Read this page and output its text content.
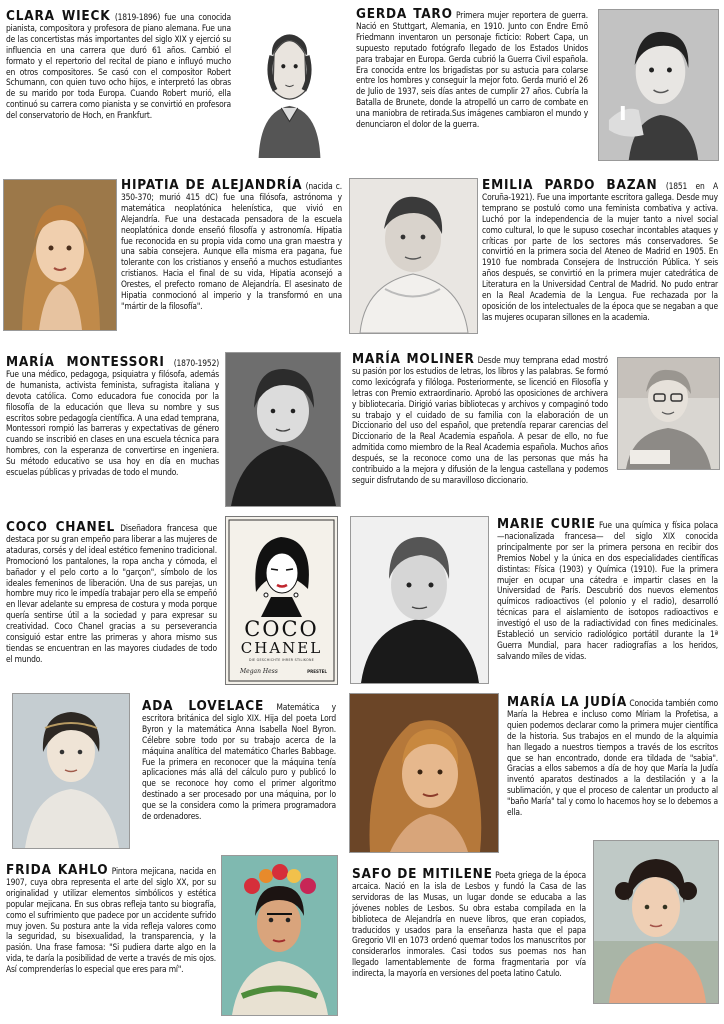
CLARA WIECK (1819-1896) fue una conocida pianista, compositora y profesora de piano alemana. Fue una de las concertistas más importantes del siglo XIX y ejerció su influencia en una carrera que duró 61 años. Cambió el formato y el repertorio del recital de piano e influyó mucho en otros compositores. Se casó con el compositor Robert Schumann, con quien tuvo ocho hijos, e interpretó las obras de su marido por toda Europa. Cuando Robert murió, ella continuó su carrera como pianista y se convirtió en profesora del conservatorio de Hoch, en Frankfurt.
GERDA TARO Primera mujer reportera de guerra. Nació en Stuttgart, Alemania, en 1910. Junto con Endre Ernö Friedmann inventaron un personaje ficticio: Robert Capa, un supuesto reputado fotógrafo llegado de los Estados Unidos para trabajar en Europa. Gerda cubrió la Guerra Civil española. Era conocida entre los brigadistas por su astucia para colarse entre los hombres y conseguir la mejor foto. Gerda murió el 26 de Julio de 1937, seis días antes de cumplir 27 años. Cubría la Batalla de Brunete, donde la atropelló un carro de combate en una maniobra de retirada.Sus imágenes cambiaron el mundo y denunciaron el dolor de la guerra.
HIPATIA DE ALEJANDRÍA (nacida c. 350-370; murió 415 dC) fue una filósofa, astrónoma y matemática neoplatónica helenística, que vivió en Alejandría. Fue una destacada pensadora de la escuela neoplatónica donde enseñó filosofía y astronomía. Hipatia fue reconocida en su propia vida como una gran maestra y una sabia consejera. Aunque ella misma era pagana, fue tolerante con los cristianos y enseñó a muchos estudiantes cristianos. Hacia el final de su vida, Hipatia aconsejó a Orestes, el prefecto romano de Alejandría. El asesinato de Hipatia conmocionó al imperio y la transformó en una "mártir de la filosofía".
EMILIA PARDO BAZAN (1851 en A Coruña-1921). Fue una importante escritora gallega. Desde muy temprano se postuló como una feminista combativa y activa. Luchó por la independencia de la mujer tanto a nivel social como cultural, lo que le supuso cosechar incontables ataques y críticas por parte de los sectores más conservadores. Se convirtió en la primera socia del Ateneo de Madrid en 1905. En 1910 fue nombrada Consejera de Instrucción Pública. Y seis años después, se convirtió en la primera mujer catedrática de Literatura en la Universidad Central de Madrid. No pudo entrar en la Real Academia de la Lengua. Fue rechazada por la oposición de los intelectuales de la época que se negaban a que las mujeres ocuparan sillones en la academia.
MARÍA MONTESSORI (1870-1952) Fue una médico, pedagoga, psiquiatra y filósofa, además de humanista, activista feminista, sufragista italiana y devota católica. Como educadora fue conocida por la filosofía de la educación que lleva su nombre y sus escritos sobre pedagogía científica. A una edad temprana, Montessori rompió las barreras y expectativas de género cuando se inscribió en clases en una escuela técnica para hombres, con la esperanza de convertirse en ingeniera. Su método educativo se usa hoy en día en muchas escuelas públicas y privadas de todo el mundo.
MARÍA MOLINER Desde muy temprana edad mostró su pasión por los estudios de letras, los libros y las palabras. Se formó como lexicógrafa y filóloga. Posteriormente, se licenció en Filosofía y letras con Premio extraordinario. Aprobó las oposiciones de archivera y bibliotecaria. Dirigió varias bibliotecas y archivos y compaginó todo su trabajo y el cuidado de su familia con la elaboración de un Diccionario del uso del español, que pretendía reparar carencias del Diccionario de la Real Academia española. A pesar de ello, no fue admitida como miembro de la Real Academia española. Muchos años después, se la reconoce como una de las personas que más ha contribuido a la mejora y difusión de la lengua castellana y podemos seguir disfrutando de su maravilloso diccionario.
COCO CHANEL Diseñadora francesa que destaca por su gran empeño para liberar a las mujeres de ataduras, corsés y del ideal estético femenino tradicional. Promocionó los pantalones, la ropa ancha y cómoda, el bañador y el pelo corto a lo "garçon", símbolo de los ideales femeninos de liberación. Una de sus parejas, un hombre muy rico le impedía trabajar pero ella se empeñó en llevar adelante su empresa de costura y moda porque quería sentirse útil a la sociedad y para expresar su creatividad. Coco Chanel gracias a su perseverancia consiguió estar entre las primeras y ahora mismo sus tiendas se encuentran en las mayores ciudades de todo el mundo.
COCO
CHANEL
DIE GESCHICHTE IHRER STILIKONE
Megan Hess	PRESTEL
MARIE CURIE Fue una química y física polaca —nacionalizada francesa— del siglo XIX conocida principalmente por ser la primera persona en recibir dos Premios Nobel y la única en dos especialidades científicas distintas: Física (1903) y Química (1910). Fue la primera mujer en ocupar una cátedra e impartir clases en la Universidad de París. Descubrió dos nuevos elementos químicos radioactivos (el polonio y el radio), desarrolló técnicas para el aislamiento de isotopos radioactivos e investigó el uso de la radiactividad con fines medicinales. Estableció un servicio radiológico portátil durante la 1ª Guerra Mundial, para hacer radiografías a los heridos, salvando miles de vidas.
ADA LOVELACE Matemática y escritora británica del siglo XIX. Hija del poeta Lord Byron y la matemática Anna Isabella Noel Byron. Célebre sobre todo por su trabajo acerca de la máquina analítica del matemático Charles Babbage. Fue la primera en reconocer que la máquina tenía aplicaciones más allá del cálculo puro y publicó lo que se reconoce hoy como el primer algoritmo destinado a ser procesado por una máquina, por lo que se la considera como la primera programadora de ordenadores.
MARÍA LA JUDÍA Conocida también como María la Hebrea e incluso como Míriam la Profetisa, a quien podemos declarar como la primera mujer científica de la historia. Sus trabajos en el mundo de la alquimia han llegado a nuestros tiempos a través de los escritos que se han encontrado, donde era tildada de "sabia". Gracias a ellos sabemos a día de hoy que María la Judía inventó aparatos destinados a la destilación y a la sublimación, y que el proceso de calentar un producto al "baño María" tal y como lo hacemos hoy se lo debemos a ella.
FRIDA KAHLO Pintora mejicana, nacida en 1907, cuya obra representa el arte del siglo XX, por su originalidad y utilizar elementos simbólicos y estética popular mejicana. En sus obras refleja tanto su biografía, como el sufrimiento que padece por un accidente sufrido muy joven. Su postura ante la vida refleja valores como la seguridad, su bisexualidad, la transparencia, y la pasión. Una frase famosa: "Si pudiera darte algo en la vida, te daría la posibilidad de verte a través de mis ojos. Así comprenderías lo especial que eres para mí".
SAFO DE MITILENE Poeta griega de la época arcaica. Nació en la isla de Lesbos y fundó la Casa de las servidoras de las Musas, un lugar donde se educaba a las jóvenes nobles de Lesbos. Su obra estaba compilada en la biblioteca de Alejandría en nueve libros, que eran copiados, traducidos y usados para la enseñanza hasta que el papa Gregorio VII en 1073 ordenó quemar todos los manuscritos por considerarlos inmorales. Casi todos sus poemas nos han llegado lamentablemente de forma fragmentaria por vía indirecta, la mayoría en versiones del poeta latino Catulo.
